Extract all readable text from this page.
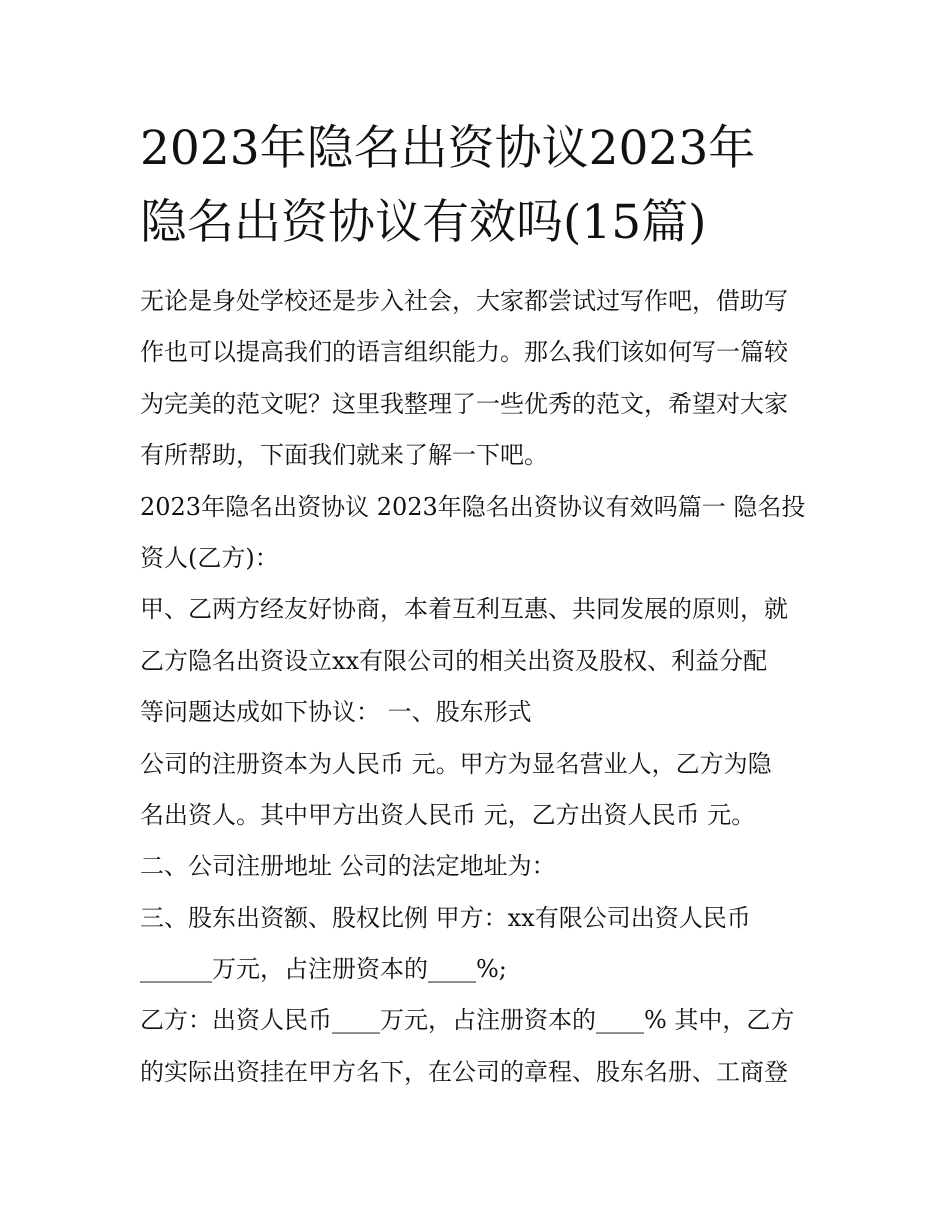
2023年隐名出资协议2023年
隐名出资协议有效吗(15篇)
无论是身处学校还是步入社会，大家都尝试过写作吧，借助写
作也可以提高我们的语言组织能力。那么我们该如何写一篇较
为完美的范文呢？这里我整理了一些优秀的范文，希望对大家
有所帮助，下面我们就来了解一下吧。
2023年隐名出资协议 2023年隐名出资协议有效吗篇一 隐名投
资人(乙方)：
甲、乙两方经友好协商，本着互利互惠、共同发展的原则，就
乙方隐名出资设立xx有限公司的相关出资及股权、利益分配
等问题达成如下协议： 一、股东形式
公司的注册资本为人民币 元。甲方为显名营业人，乙方为隐
名出资人。其中甲方出资人民币 元，乙方出资人民币 元。
二、公司注册地址 公司的法定地址为：
三、股东出资额、股权比例 甲方：xx有限公司出资人民币
______万元，占注册资本的____%;
乙方：出资人民币____万元，占注册资本的____% 其中，乙方
的实际出资挂在甲方名下，在公司的章程、股东名册、工商登
